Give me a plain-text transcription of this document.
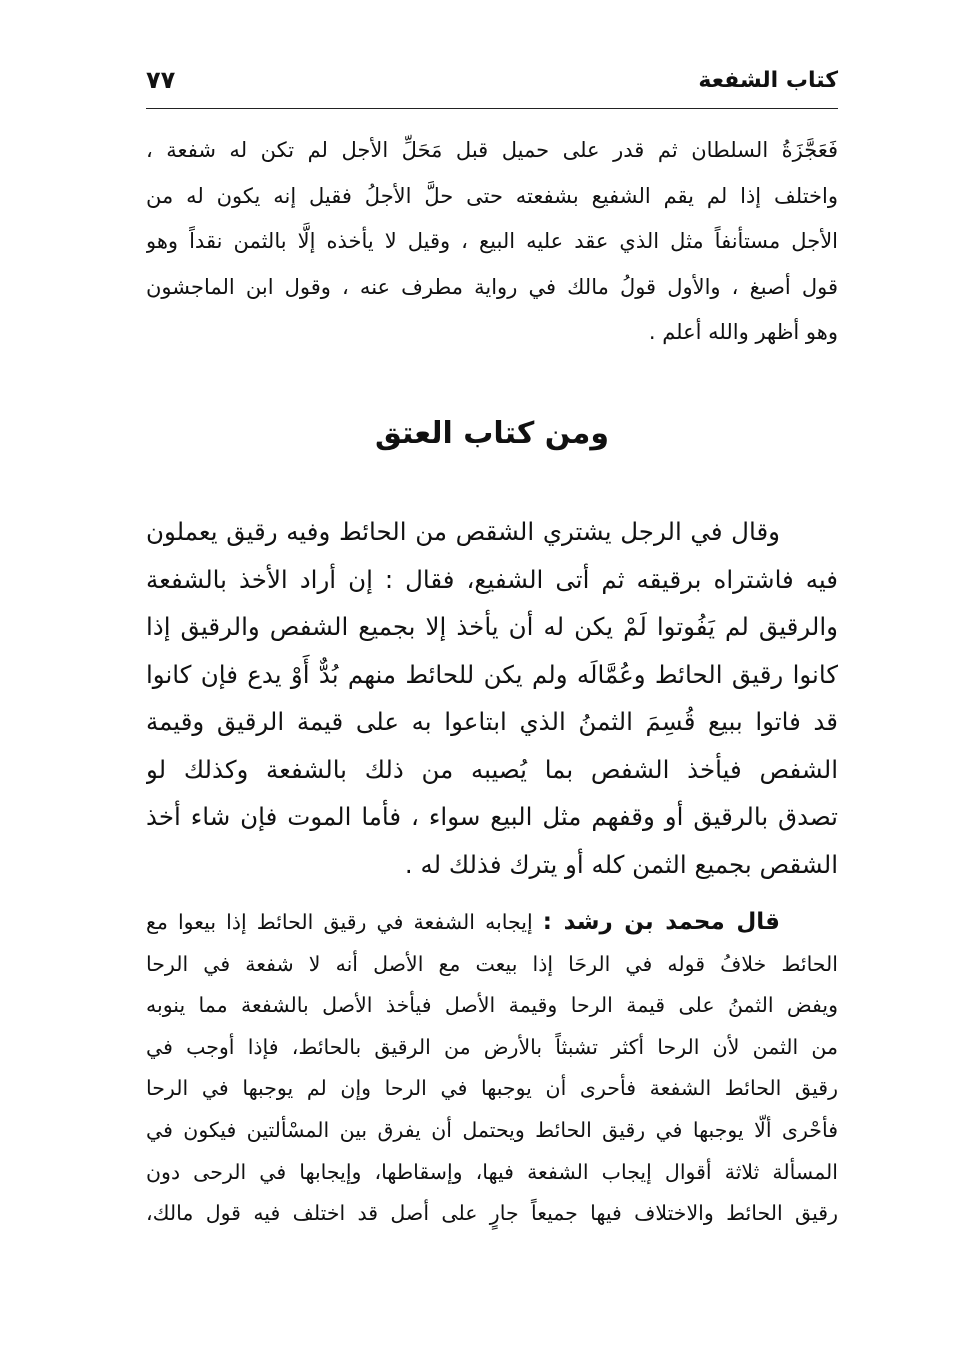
كتاب الشفعة
٧٧
فَعَجَّزَةُ السلطان ثم قدر على حميل قبل مَحَلِّ الأجل لم تكن له شفعة ،
واختلف إذا لم يقم الشفيع بشفعته حتى حلَّ الأجلُ فقيل إنه يكون له من
الأجل مستأنفاً مثل الذي عقد عليه البيع ، وقيل لا يأخذه إلَّا بالثمن نقداً وهو
قول أصبغ ، والأول قولُ مالك في رواية مطرف عنه ، وقول ابن الماجشون
وهو أظهر والله أعلم .
ومن كتاب العتق
وقال في الرجل يشتري الشقص من الحائط وفيه رقيق يعملون
فيه فاشتراه برقيقه ثم أتى الشفيع، فقال : إن أراد الأخذ بالشفعة
والرقيق لم يَفُوتوا لَمْ يكن له أن يأخذ إلا بجميع الشفص والرقيق إذا
كانوا رقيق الحائط وعُمَّالَه ولم يكن للحائط منهم بُدٌّ أَوْ يدع فإن كانوا
قد فاتوا ببيع قُسِمَ الثمنُ الذي ابتاعوا به على قيمة الرقيق وقيمة
الشفص فيأخذ الشفص بما يُصيبه من ذلك بالشفعة وكذلك لو
تصدق بالرقيق أو وقفهم مثل البيع سواء ، فأما الموت فإن شاء أخذ
الشقص بجميع الثمن كله أو يترك فذلك له .
قال محمد بن رشد : إيجابه الشفعة في رقيق الحائط إذا بيعوا مع
الحائط خلافُ قوله في الرحَا إذا بيعت مع الأصل أنه لا شفعة في الرحا
ويفض الثمنُ على قيمة الرحا وقيمة الأصل فيأخذ الأصل بالشفعة مما ينوبه
من الثمن لأن الرحا أكثر تشبثاً بالأرض من الرقيق بالحائط، فإذا أوجب في
رقيق الحائط الشفعة فأحرى أن يوجبها في الرحا وإن لم يوجبها في الرحا
فأحْرى ألّا يوجبها في رقيق الحائط ويحتمل أن يفرق بين المسْألتين فيكون في
المسألة ثلاثة أقوال إيجاب الشفعة فيها، وإسقاطها، وإيجابها في الرحى دون
رقيق الحائط والاختلاف فيها جميعاً جارٍ على أصل قد اختلف فيه قول مالك،
